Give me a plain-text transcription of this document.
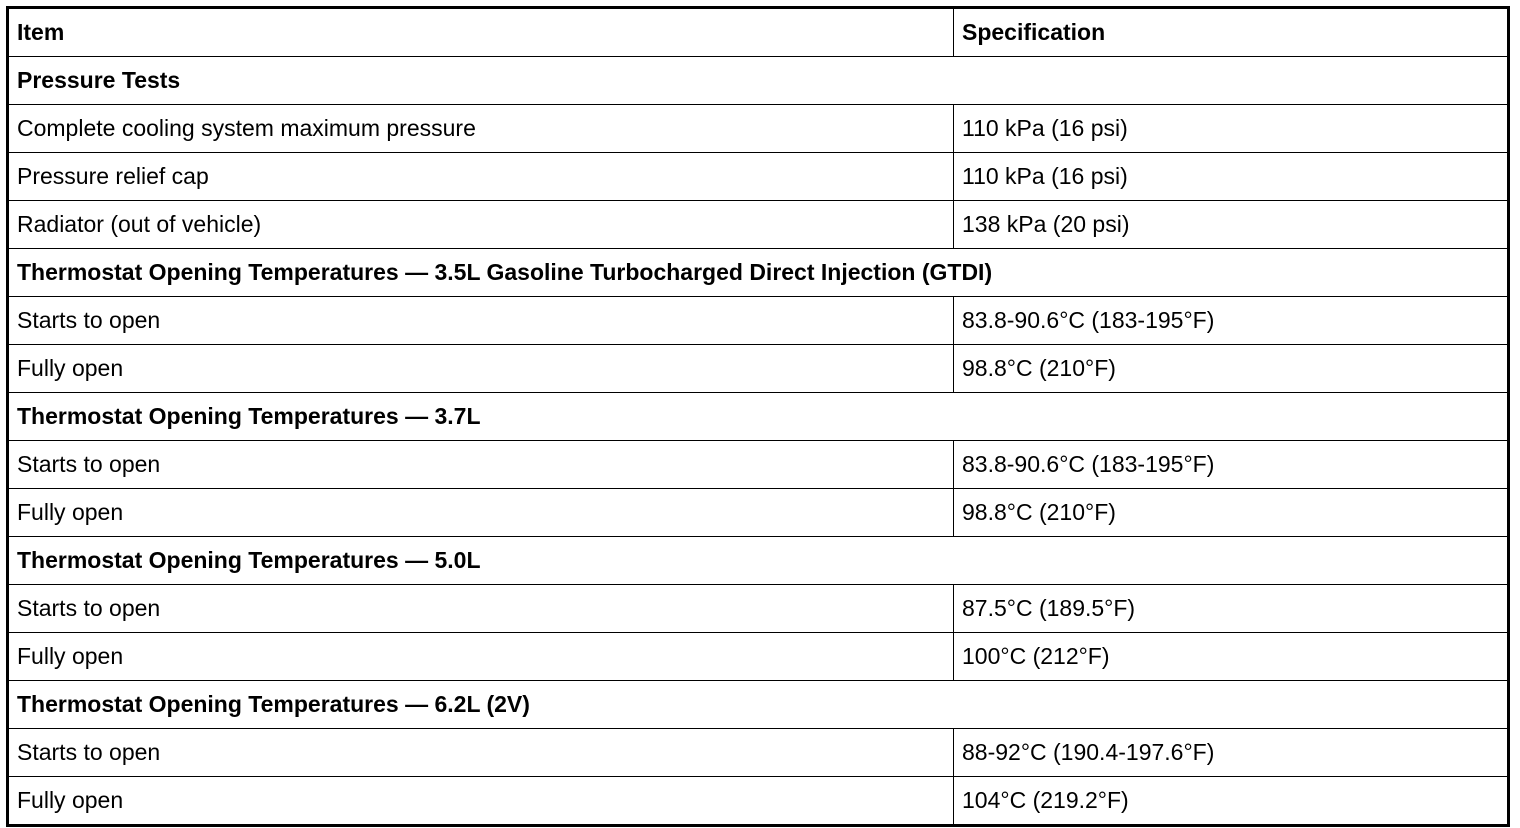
Item	Specification
Pressure Tests	
Complete cooling system maximum pressure	110 kPa (16 psi)
Pressure relief cap	110 kPa (16 psi)
Radiator (out of vehicle)	138 kPa (20 psi)
Thermostat Opening Temperatures — 3.5L Gasoline Turbocharged Direct Injection (GTDI)	
Starts to open	83.8-90.6°C (183-195°F)
Fully open	98.8°C (210°F)
Thermostat Opening Temperatures — 3.7L	
Starts to open	83.8-90.6°C (183-195°F)
Fully open	98.8°C (210°F)
Thermostat Opening Temperatures — 5.0L	
Starts to open	87.5°C (189.5°F)
Fully open	100°C (212°F)
Thermostat Opening Temperatures — 6.2L (2V)	
Starts to open	88-92°C (190.4-197.6°F)
Fully open	104°C (219.2°F)
